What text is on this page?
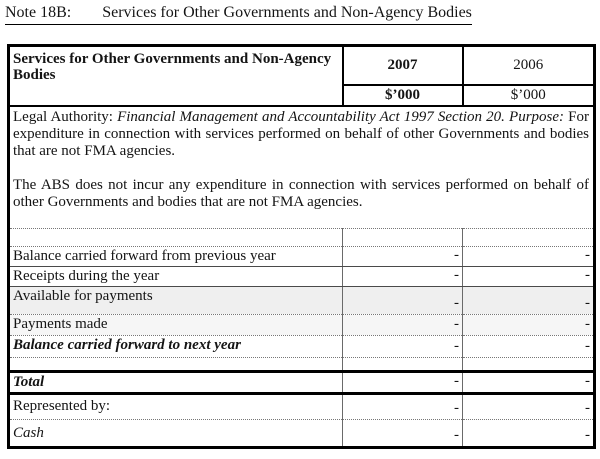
Note 18B: Services for Other Governments and Non-Agency Bodies
Services for Other Governments and Non-Agency Bodies	2007	2006
	$’000	$’000

Legal Authority: Financial Management and Accountability Act 1997 Section 20. Purpose: For expenditure in connection with services performed on behalf of other Governments and bodies that are not FMA agencies.
The ABS does not incur any expenditure in connection with services performed on behalf of other Governments and bodies that are not FMA agencies.		

Balance carried forward from previous year	-	-
Receipts during the year	-	-
Available for payments	-	-
Payments made	-	-
Balance carried forward to next year	-	-

Total	-	-
Represented by:	-	-
Cash	-	-
